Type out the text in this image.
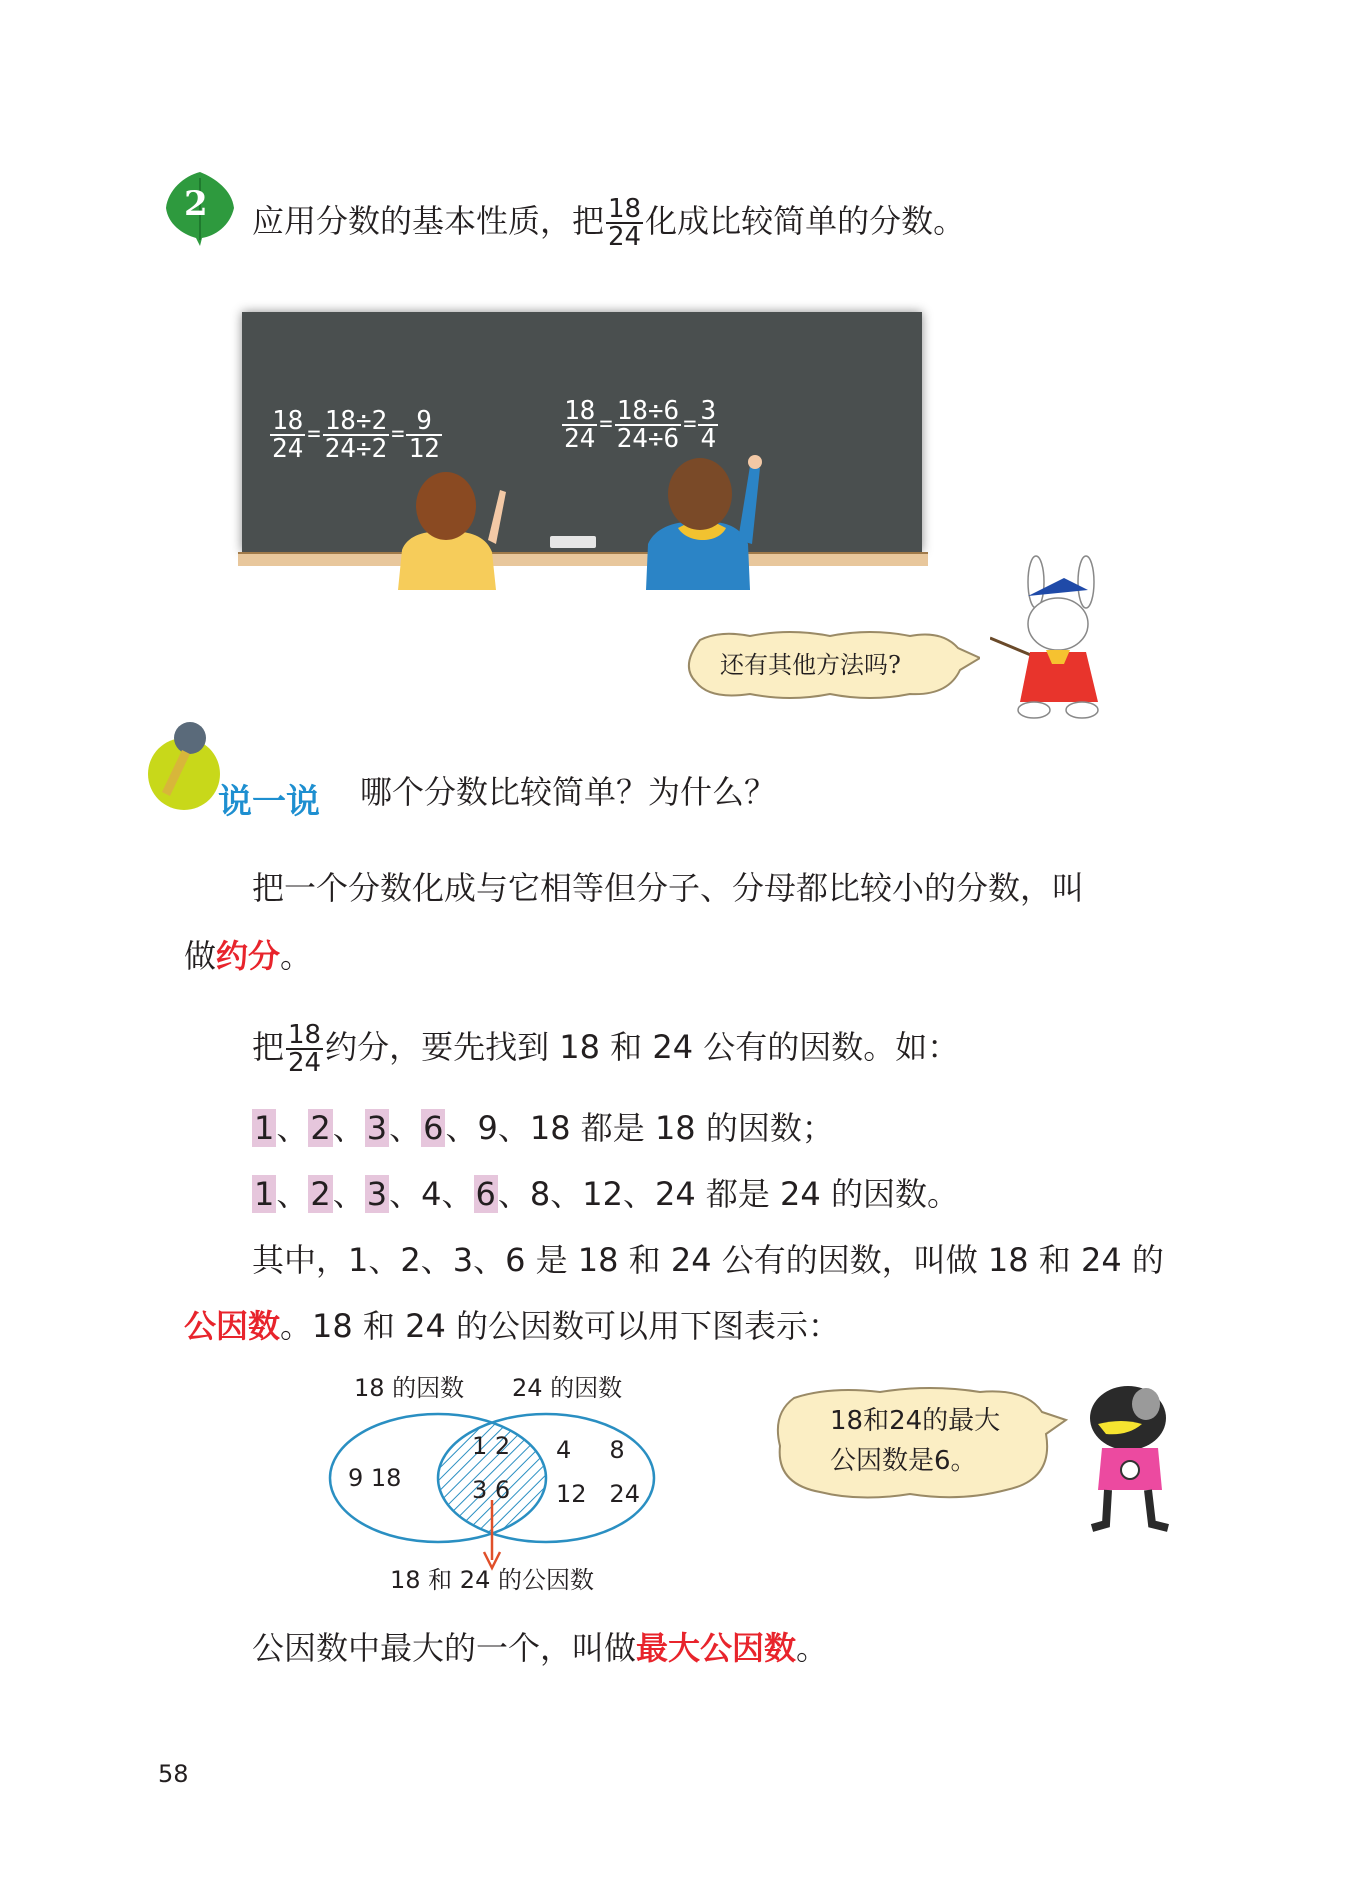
2 应用分数的基本性质，把 $\frac{18}{24}$ 化成比较简单的分数。
$\frac{18}{24} = \frac{18\div 2}{24\div 2} = \frac{9}{12}$	$\frac{18}{24} = \frac{18\div 6}{24\div 6} = \frac{3}{4}$
还有其他方法吗?
说一说 哪个分数比较简单？为什么？
把一个分数化成与它相等但分子、分母都比较小的分数，叫
做约分。
把 $\frac{18}{24}$ 约分，要先找到 18 和 24 公有的因数。如：
1、2、3、6、9、18 都是 18 的因数；
1、2、3、4、6、8、12、24 都是 24 的因数。
其中，1、2、3、6 是 18 和 24 公有的因数，叫做 18 和 24 的
公因数。18 和 24 的公因数可以用下图表示：
18 的因数 24 的因数
9 18
1 2
3 6
4     8
12   24
18 和 24 的公因数
18和24的最大
公因数是6。
公因数中最大的一个，叫做最大公因数。
58
